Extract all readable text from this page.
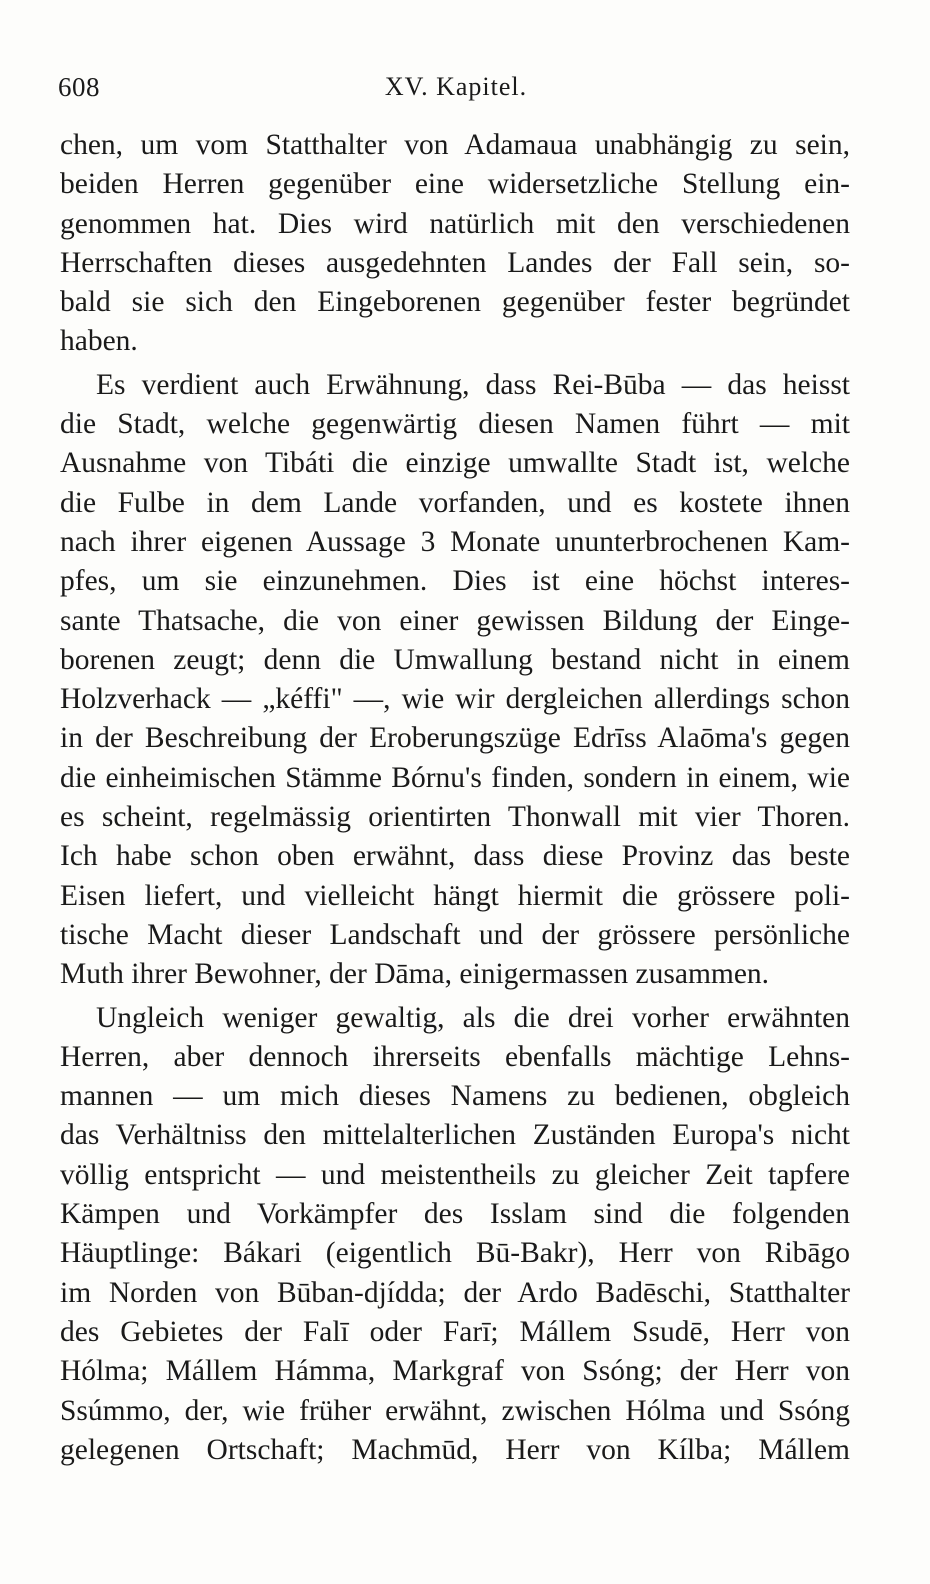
608	XV. Kapitel.
chen, um vom Statthalter von Adamaua unabhängig zu sein,
beiden Herren gegenüber eine widersetzliche Stellung ein-
genommen hat. Dies wird natürlich mit den verschiedenen
Herrschaften dieses ausgedehnten Landes der Fall sein, so-
bald sie sich den Eingeborenen gegenüber fester begründet
haben.
Es verdient auch Erwähnung, dass Rei-Būba — das heisst
die Stadt, welche gegenwärtig diesen Namen führt — mit
Ausnahme von Tibáti die einzige umwallte Stadt ist, welche
die Fulbe in dem Lande vorfanden, und es kostete ihnen
nach ihrer eigenen Aussage 3 Monate ununterbrochenen Kam-
pfes, um sie einzunehmen. Dies ist eine höchst interes-
sante Thatsache, die von einer gewissen Bildung der Einge-
borenen zeugt; denn die Umwallung bestand nicht in einem
Holzverhack — „kéffi" —, wie wir dergleichen allerdings schon
in der Beschreibung der Eroberungszüge Edrīss Alaōma's gegen
die einheimischen Stämme Bórnu's finden, sondern in einem, wie
es scheint, regelmässig orientirten Thonwall mit vier Thoren.
Ich habe schon oben erwähnt, dass diese Provinz das beste
Eisen liefert, und vielleicht hängt hiermit die grössere poli-
tische Macht dieser Landschaft und der grössere persönliche
Muth ihrer Bewohner, der Dāma, einigermassen zusammen.
Ungleich weniger gewaltig, als die drei vorher erwähnten
Herren, aber dennoch ihrerseits ebenfalls mächtige Lehns-
mannen — um mich dieses Namens zu bedienen, obgleich
das Verhältniss den mittelalterlichen Zuständen Europa's nicht
völlig entspricht — und meistentheils zu gleicher Zeit tapfere
Kämpen und Vorkämpfer des Isslam sind die folgenden
Häuptlinge: Bákari (eigentlich Bū-Bakr), Herr von Ribāgo
im Norden von Būban-djídda; der Ardo Badēschi, Statthalter
des Gebietes der Falī oder Farī; Mállem Ssudē, Herr von
Hólma; Mállem Hámma, Markgraf von Ssóng; der Herr von
Ssúmmo, der, wie früher erwähnt, zwischen Hólma und Ssóng
gelegenen Ortschaft; Machmūd, Herr von Kílba; Mállem
